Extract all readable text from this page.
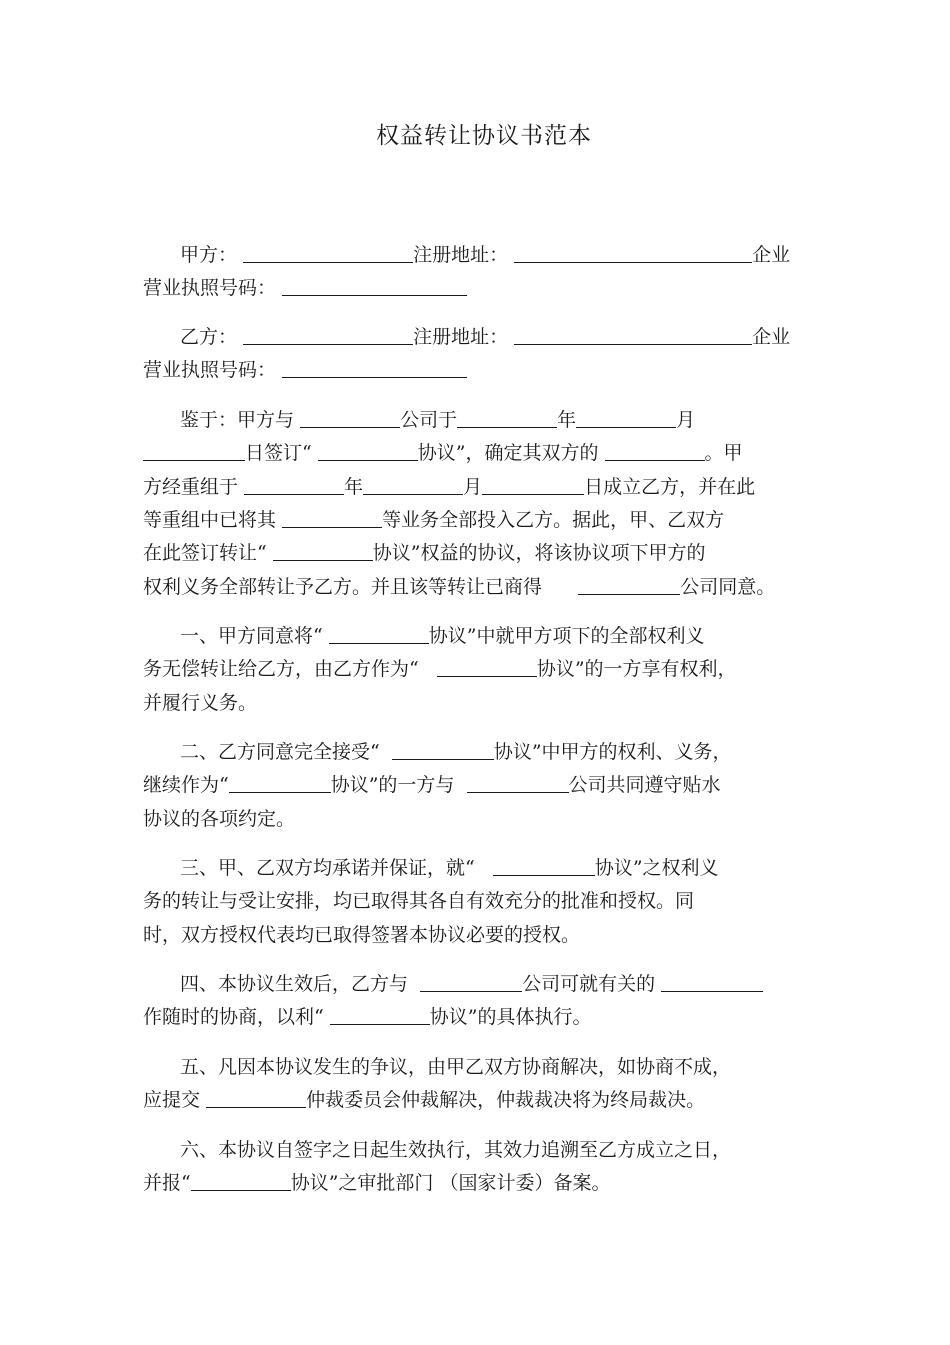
权益转让协议书范本
甲方：	注册地址：	企业
营业执照号码：
乙方：	注册地址：	企业
营业执照号码：
鉴于：甲方与	公司于	年	月
日签订“	协议”，确定其双方的	。甲
方经重组于	年	月	日成立乙方，并在此
等重组中已将其	等业务全部投入乙方。据此，甲、乙双方
在此签订转让“	协议”权益的协议，将该协议项下甲方的
权利义务全部转让予乙方。并且该等转让已商得	公司同意。
一、甲方同意将“	协议”中就甲方项下的全部权利义
务无偿转让给乙方，由乙方作为“	协议”的一方享有权利，
并履行义务。
二、乙方同意完全接受“	协议”中甲方的权利、义务，
继续作为“	协议”的一方与	公司共同遵守贴水
协议的各项约定。
三、甲、乙双方均承诺并保证，就“	协议”之权利义
务的转让与受让安排，均已取得其各自有效充分的批准和授权。同
时，双方授权代表均已取得签署本协议必要的授权。
四、本协议生效后，乙方与	公司可就有关的
作随时的协商，以利“	协议”的具体执行。
五、凡因本协议发生的争议，由甲乙双方协商解决，如协商不成，
应提交	仲裁委员会仲裁解决，仲裁裁决将为终局裁决。
六、本协议自签字之日起生效执行，其效力追溯至乙方成立之日，
并报“	协议”之审批部门 （国家计委）备案。
